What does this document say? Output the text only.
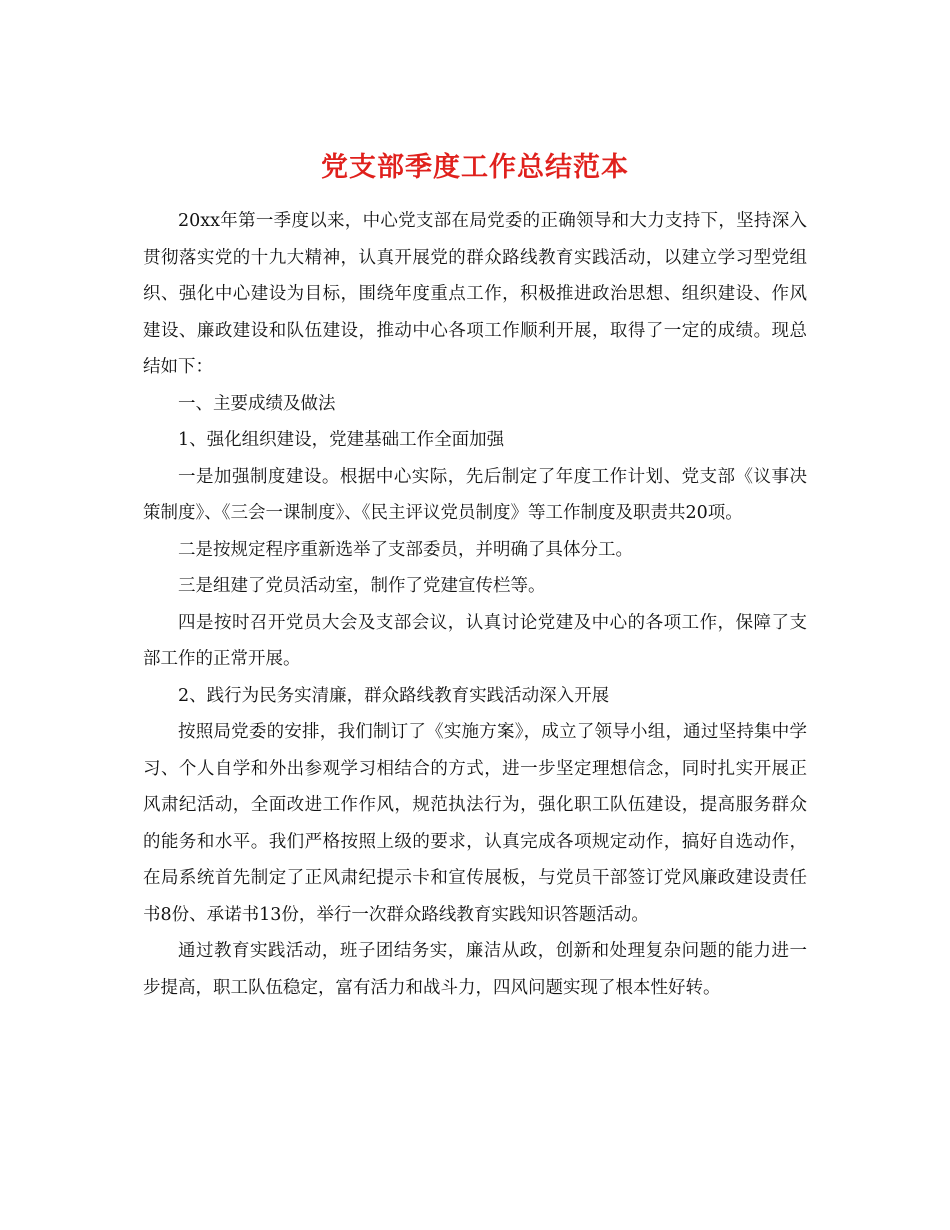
党支部季度工作总结范本

20xx年第一季度以来，中心党支部在局党委的正确领导和大力支持下，坚持深入贯彻落实党的十九大精神，认真开展党的群众路线教育实践活动，以建立学习型党组织、强化中心建设为目标，围绕年度重点工作，积极推进政治思想、组织建设、作风建设、廉政建设和队伍建设，推动中心各项工作顺利开展，取得了一定的成绩。现总结如下：

一、主要成绩及做法

1、强化组织建设，党建基础工作全面加强

一是加强制度建设。根据中心实际，先后制定了年度工作计划、党支部《议事决策制度》、《三会一课制度》、《民主评议党员制度》等工作制度及职责共20项。

二是按规定程序重新选举了支部委员，并明确了具体分工。

三是组建了党员活动室，制作了党建宣传栏等。

四是按时召开党员大会及支部会议，认真讨论党建及中心的各项工作，保障了支部工作的正常开展。

2、践行为民务实清廉，群众路线教育实践活动深入开展

按照局党委的安排，我们制订了《实施方案》，成立了领导小组，通过坚持集中学习、个人自学和外出参观学习相结合的方式，进一步坚定理想信念，同时扎实开展正风肃纪活动，全面改进工作作风，规范执法行为，强化职工队伍建设，提高服务群众的能务和水平。我们严格按照上级的要求，认真完成各项规定动作，搞好自选动作，在局系统首先制定了正风肃纪提示卡和宣传展板，与党员干部签订党风廉政建设责任书8份、承诺书13份，举行一次群众路线教育实践知识答题活动。

通过教育实践活动，班子团结务实，廉洁从政，创新和处理复杂问题的能力进一步提高，职工队伍稳定，富有活力和战斗力，四风问题实现了根本性好转。
